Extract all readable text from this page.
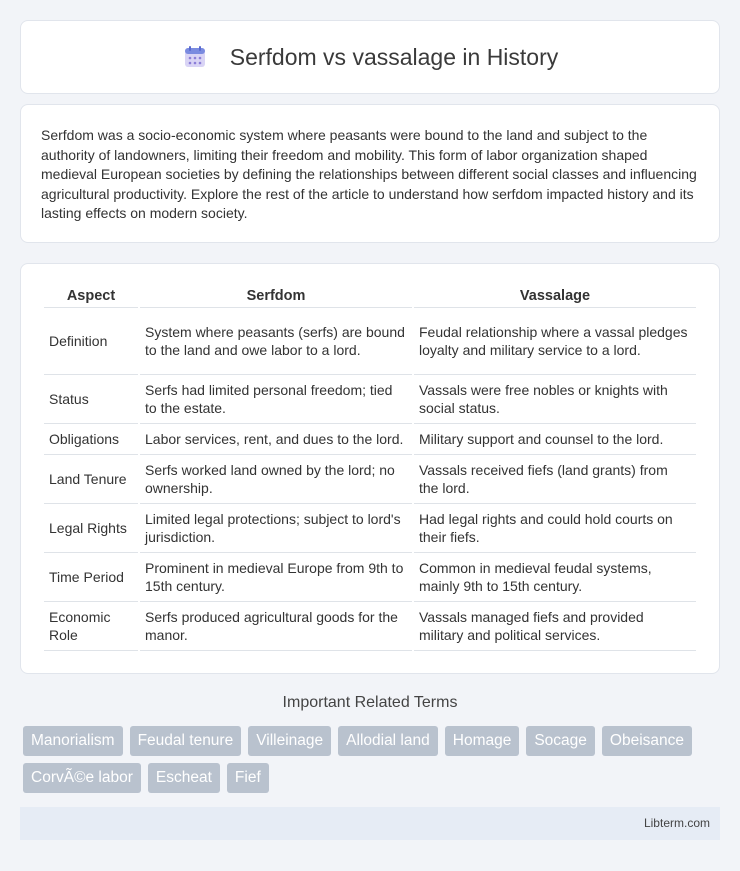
Serfdom vs vassalage in History

Serfdom was a socio-economic system where peasants were bound to the land and subject to the authority of landowners, limiting their freedom and mobility. This form of labor organization shaped medieval European societies by defining the relationships between different social classes and influencing agricultural productivity. Explore the rest of the article to understand how serfdom impacted history and its lasting effects on modern society.

Aspect	Serfdom	Vassalage
Definition	System where peasants (serfs) are bound to the land and owe labor to a lord.	Feudal relationship where a vassal pledges loyalty and military service to a lord.
Status	Serfs had limited personal freedom; tied to the estate.	Vassals were free nobles or knights with social status.
Obligations	Labor services, rent, and dues to the lord.	Military support and counsel to the lord.
Land Tenure	Serfs worked land owned by the lord; no ownership.	Vassals received fiefs (land grants) from the lord.
Legal Rights	Limited legal protections; subject to lord's jurisdiction.	Had legal rights and could hold courts on their fiefs.
Time Period	Prominent in medieval Europe from 9th to 15th century.	Common in medieval feudal systems, mainly 9th to 15th century.
Economic Role	Serfs produced agricultural goods for the manor.	Vassals managed fiefs and provided military and political services.
Important Related Terms
Manorialism	Feudal tenure	Villeinage	Allodial land	Homage	Socage	Obeisance
CorvÃ©e labor	Escheat	Fief
Libterm.com
